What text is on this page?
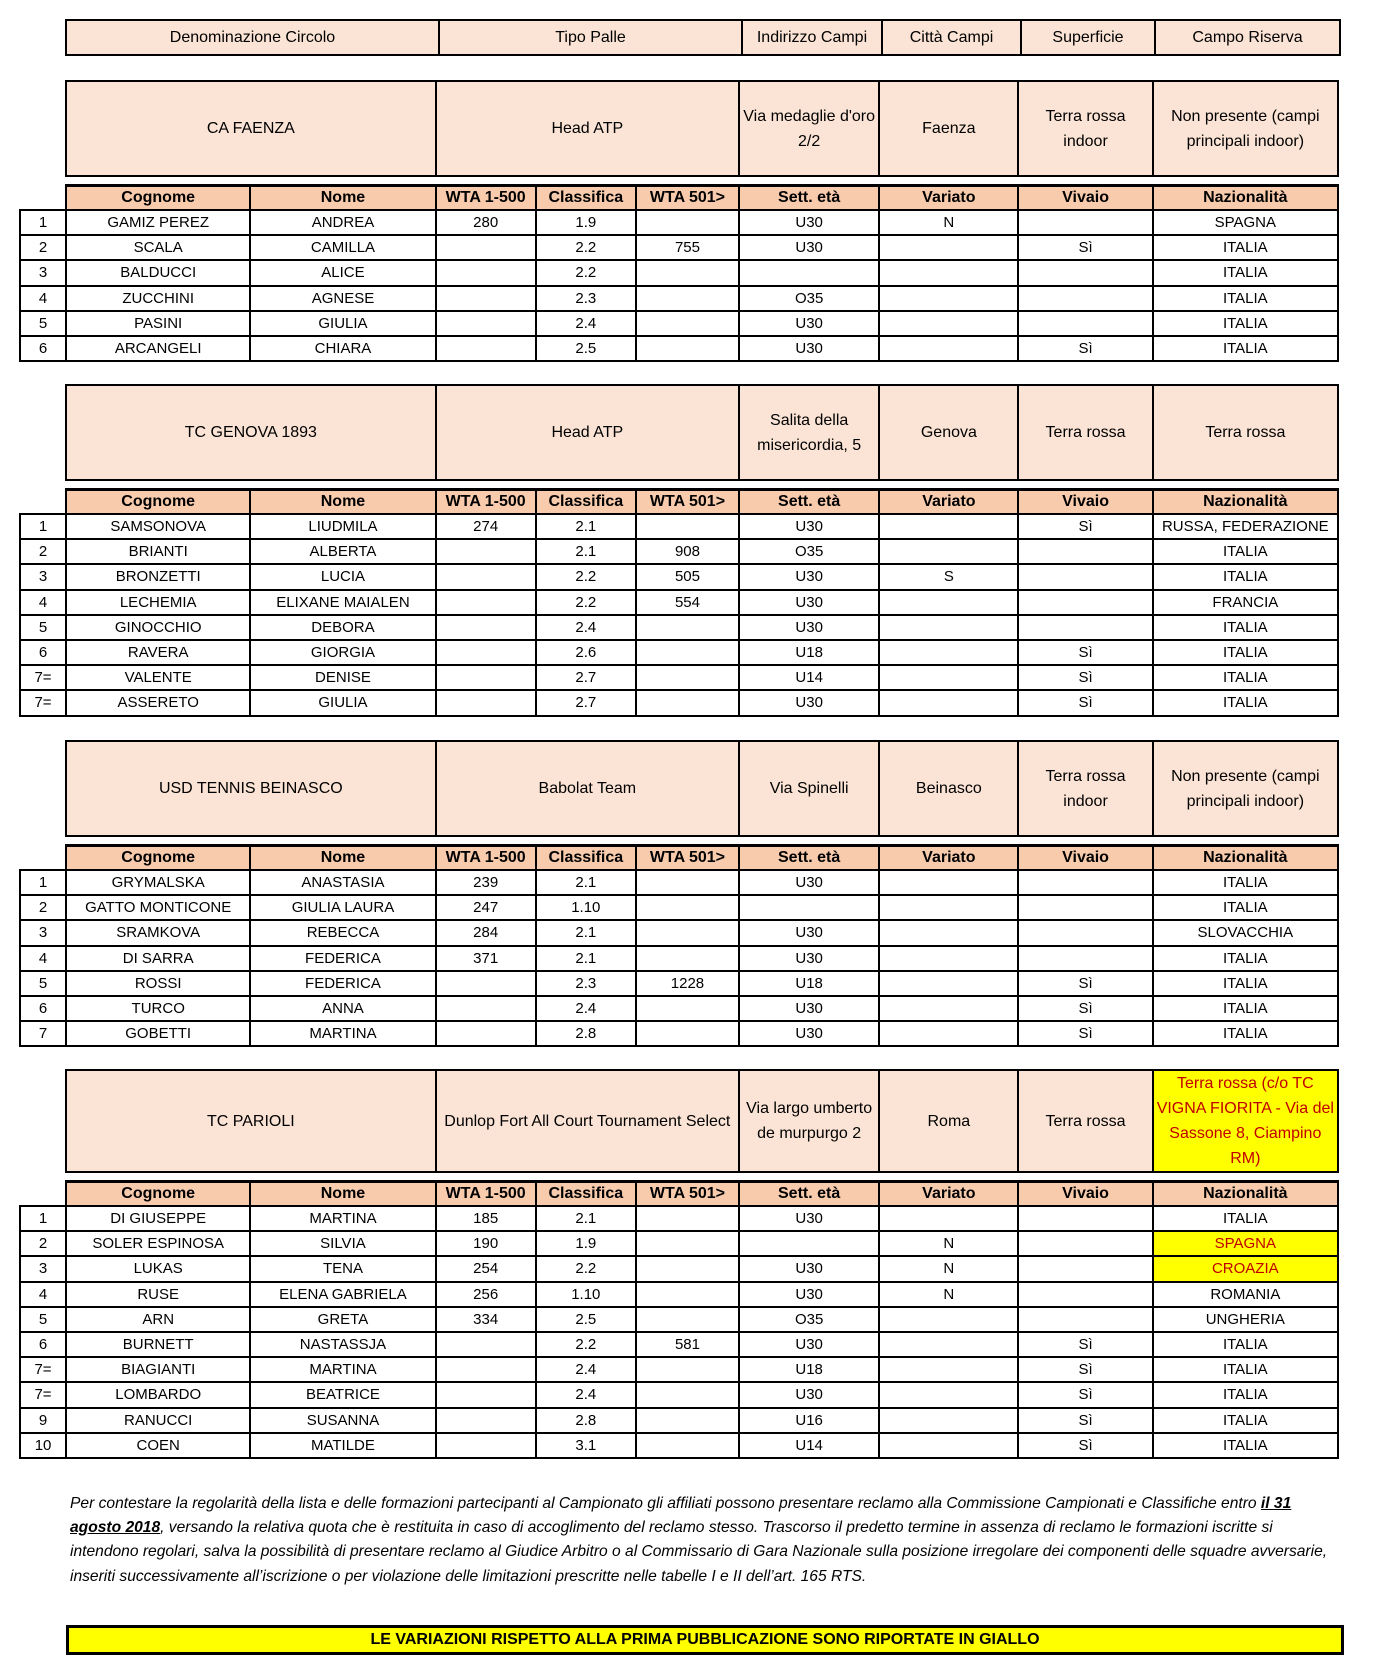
Denominazione Circolo	Tipo Palle	Indirizzo Campi	Città Campi	Superficie	Campo Riserva
	CA FAENZA		Head ATP			Via medaglie d'oro 2/2	Faenza	Terra rossa indoor	Non presente (campi principali indoor)

	Cognome	Nome	WTA 1-500	Classifica	WTA 501>	Sett. età	Variato	Vivaio	Nazionalità
1	GAMIZ PEREZ	ANDREA	280	1.9		U30	N		SPAGNA
2	SCALA	CAMILLA		2.2	755	U30		Sì	ITALIA
3	BALDUCCI	ALICE		2.2					ITALIA
4	ZUCCHINI	AGNESE		2.3		O35			ITALIA
5	PASINI	GIULIA		2.4		U30			ITALIA
6	ARCANGELI	CHIARA		2.5		U30		Sì	ITALIA
	TC GENOVA 1893		Head ATP			Salita della misericordia, 5	Genova	Terra rossa	Terra rossa

	Cognome	Nome	WTA 1-500	Classifica	WTA 501>	Sett. età	Variato	Vivaio	Nazionalità
1	SAMSONOVA	LIUDMILA	274	2.1		U30		Sì	RUSSA, FEDERAZIONE
2	BRIANTI	ALBERTA		2.1	908	O35			ITALIA
3	BRONZETTI	LUCIA		2.2	505	U30	S		ITALIA
4	LECHEMIA	ELIXANE MAIALEN		2.2	554	U30			FRANCIA
5	GINOCCHIO	DEBORA		2.4		U30			ITALIA
6	RAVERA	GIORGIA		2.6		U18		Sì	ITALIA
7=	VALENTE	DENISE		2.7		U14		Sì	ITALIA
7=	ASSERETO	GIULIA		2.7		U30		Sì	ITALIA
	USD TENNIS BEINASCO		Babolat Team			Via Spinelli	Beinasco	Terra rossa indoor	Non presente (campi principali indoor)

	Cognome	Nome	WTA 1-500	Classifica	WTA 501>	Sett. età	Variato	Vivaio	Nazionalità
1	GRYMALSKA	ANASTASIA	239	2.1		U30			ITALIA
2	GATTO MONTICONE	GIULIA LAURA	247	1.10					ITALIA
3	SRAMKOVA	REBECCA	284	2.1		U30			SLOVACCHIA
4	DI SARRA	FEDERICA	371	2.1		U30			ITALIA
5	ROSSI	FEDERICA		2.3	1228	U18		Sì	ITALIA
6	TURCO	ANNA		2.4		U30		Sì	ITALIA
7	GOBETTI	MARTINA		2.8		U30		Sì	ITALIA
	TC PARIOLI		Dunlop Fort All Court Tournament Select			Via largo umberto de murpurgo 2	Roma	Terra rossa	Terra rossa (c/o TC VIGNA FIORITA - Via del Sassone 8, Ciampino RM)

	Cognome	Nome	WTA 1-500	Classifica	WTA 501>	Sett. età	Variato	Vivaio	Nazionalità
1	DI GIUSEPPE	MARTINA	185	2.1		U30			ITALIA
2	SOLER ESPINOSA	SILVIA	190	1.9			N		SPAGNA
3	LUKAS	TENA	254	2.2		U30	N		CROAZIA
4	RUSE	ELENA GABRIELA	256	1.10		U30	N		ROMANIA
5	ARN	GRETA	334	2.5		O35			UNGHERIA
6	BURNETT	NASTASSJA		2.2	581	U30		Sì	ITALIA
7=	BIAGIANTI	MARTINA		2.4		U18		Sì	ITALIA
7=	LOMBARDO	BEATRICE		2.4		U30		Sì	ITALIA
9	RANUCCI	SUSANNA		2.8		U16		Sì	ITALIA
10	COEN	MATILDE		3.1		U14		Sì	ITALIA

Per contestare la regolarità della lista e delle formazioni partecipanti al Campionato gli affiliati possono presentare reclamo alla Commissione Campionati e Classifiche entro il 31 agosto 2018, versando la relativa quota che è restituita in caso di accoglimento del reclamo stesso. Trascorso il predetto termine in assenza di reclamo le formazioni iscritte si intendono regolari, salva la possibilità di presentare reclamo al Giudice Arbitro o al Commissario di Gara Nazionale sulla posizione irregolare dei componenti delle squadre avversarie, inseriti successivamente all’iscrizione o per violazione delle limitazioni prescritte nelle tabelle I e II dell’art. 165 RTS.

LE VARIAZIONI RISPETTO ALLA PRIMA PUBBLICAZIONE SONO RIPORTATE IN GIALLO
